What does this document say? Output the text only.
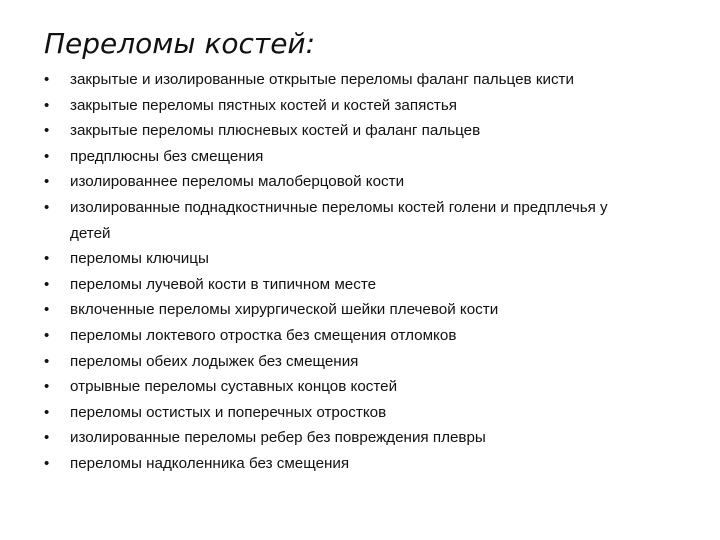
Переломы костей:
•	закрытые и изолированные открытые переломы фаланг пальцев кисти
•	закрытые переломы пястных костей и костей запястья
•	закрытые переломы плюсневых костей и фаланг пальцев
•	предплюсны без смещения
•	изолированнее переломы малоберцовой кости
•	изолированные поднадкостничные переломы костей голени и предплечья у
детей
•	переломы ключицы
•	переломы лучевой кости в типичном месте
•	вклоченные переломы хирургической шейки плечевой кости
•	переломы локтевого отростка без смещения отломков
•	переломы обеих лодыжек без смещения
•	отрывные переломы суставных концов костей
•	переломы остистых и поперечных отростков
•	изолированные переломы ребер без повреждения плевры
•	переломы надколенника без смещения
